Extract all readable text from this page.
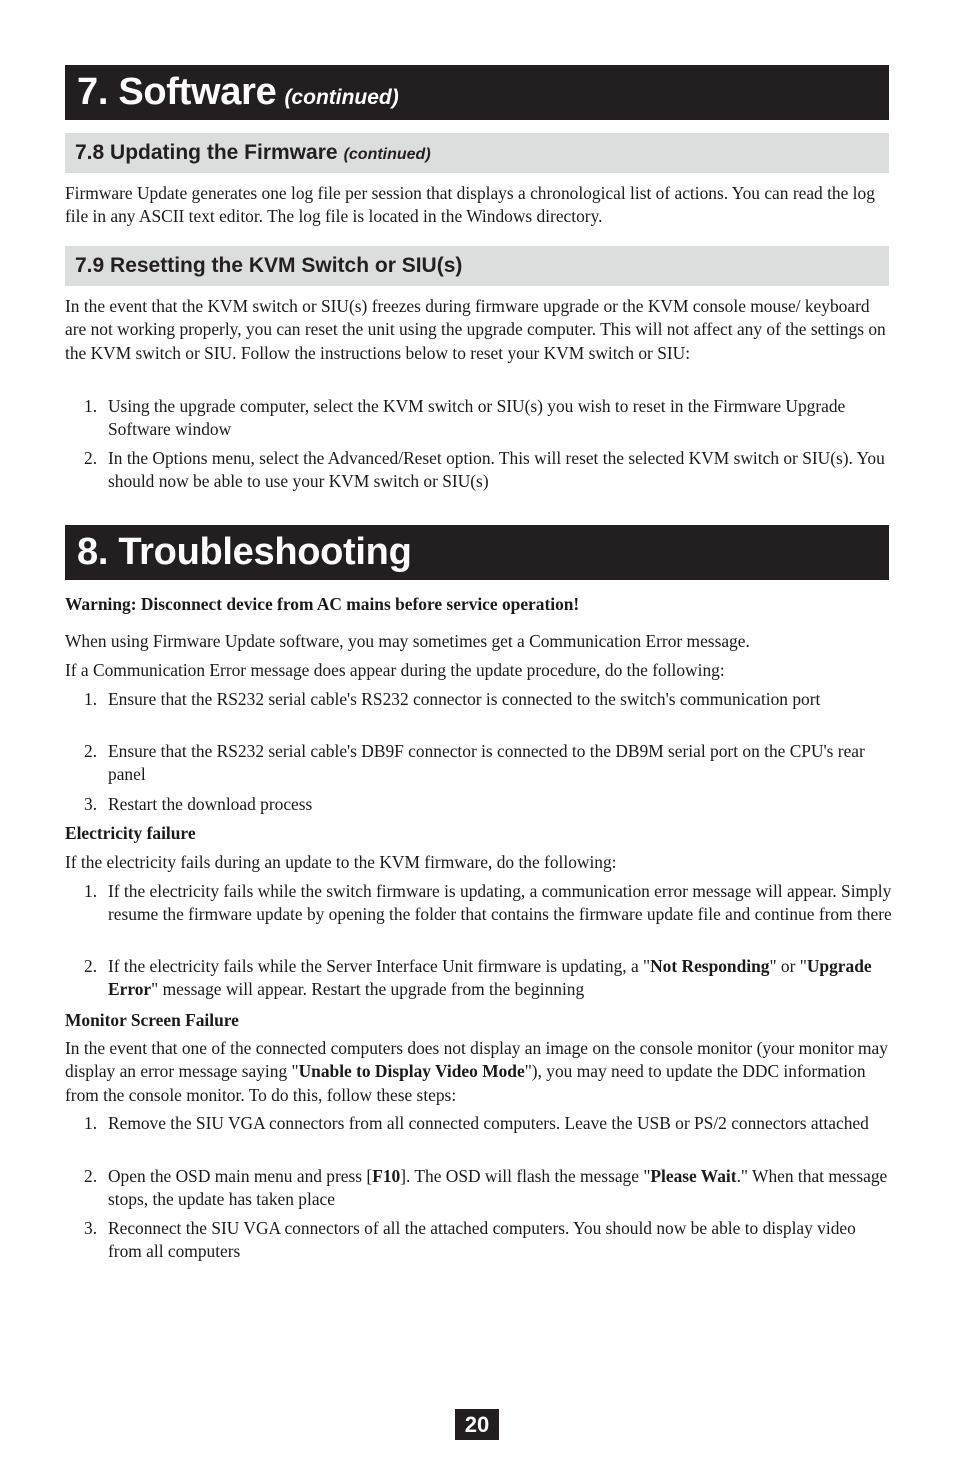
7. Software (continued)
7.8 Updating the Firmware (continued)

Firmware Update generates one log file per session that displays a chronological list of actions. You can read the log file in any ASCII text editor. The log file is located in the Windows directory.

7.9 Resetting the KVM Switch or SIU(s)

In the event that the KVM switch or SIU(s) freezes during firmware upgrade or the KVM console mouse/ keyboard are not working properly, you can reset the unit using the upgrade computer. This will not affect any of the settings on the KVM switch or SIU. Follow the instructions below to reset your KVM switch or SIU:

1. Using the upgrade computer, select the KVM switch or SIU(s) you wish to reset in the Firmware Upgrade Software window
2. In the Options menu, select the Advanced/Reset option. This will reset the selected KVM switch or SIU(s). You should now be able to use your KVM switch or SIU(s)
8. Troubleshooting

Warning: Disconnect device from AC mains before service operation!

When using Firmware Update software, you may sometimes get a Communication Error message.

If a Communication Error message does appear during the update procedure, do the following:

1. Ensure that the RS232 serial cable's RS232 connector is connected to the switch's communication port
2. Ensure that the RS232 serial cable's DB9F connector is connected to the DB9M serial port on the CPU's rear panel
3. Restart the download process

Electricity failure

If the electricity fails during an update to the KVM firmware, do the following:

1. If the electricity fails while the switch firmware is updating, a communication error message will appear. Simply resume the firmware update by opening the folder that contains the firmware update file and continue from there
2. If the electricity fails while the Server Interface Unit firmware is updating, a "Not Responding" or "Upgrade Error" message will appear. Restart the upgrade from the beginning

Monitor Screen Failure

In the event that one of the connected computers does not display an image on the console monitor (your monitor may display an error message saying "Unable to Display Video Mode"), you may need to update the DDC information from the console monitor. To do this, follow these steps:

1. Remove the SIU VGA connectors from all connected computers. Leave the USB or PS/2 connectors attached
2. Open the OSD main menu and press [F10]. The OSD will flash the message "Please Wait." When that message stops, the update has taken place
3. Reconnect the SIU VGA connectors of all the attached computers. You should now be able to display video from all computers
20
